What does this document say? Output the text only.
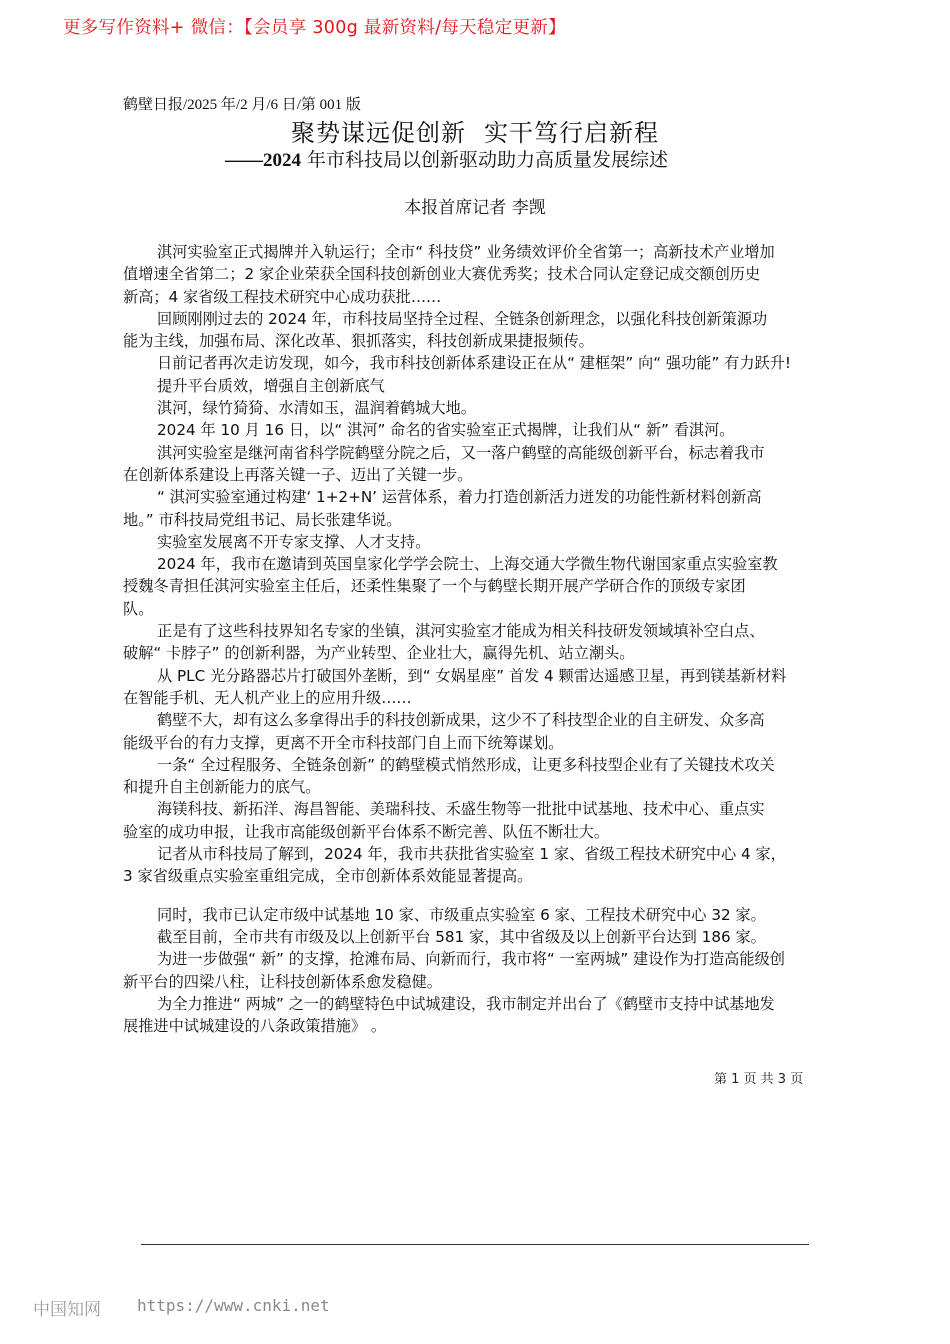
更多写作资料+ 微信：【会员享 300g 最新资料/每天稳定更新】
鹤壁日报/2025 年/2 月/6 日/第 001 版
聚势谋远促创新 实干笃行启新程
——2024 年市科技局以创新驱动助力高质量发展综述
本报首席记者 李觊
淇河实验室正式揭牌并入轨运行；全市“ 科技贷” 业务绩效评价全省第一；高新技术产业增加
值增速全省第二；2 家企业荣获全国科技创新创业大赛优秀奖；技术合同认定登记成交额创历史
新高；4 家省级工程技术研究中心成功获批……
回顾刚刚过去的 2024 年，市科技局坚持全过程、全链条创新理念，以强化科技创新策源功
能为主线，加强布局、深化改革、狠抓落实，科技创新成果捷报频传。
日前记者再次走访发现，如今，我市科技创新体系建设正在从“ 建框架” 向“ 强功能” 有力跃升!
提升平台质效，增强自主创新底气
淇河，绿竹猗猗、水清如玉，温润着鹤城大地。
2024 年 10 月 16 日，以“ 淇河” 命名的省实验室正式揭牌，让我们从“ 新” 看淇河。
淇河实验室是继河南省科学院鹤壁分院之后，又一落户鹤壁的高能级创新平台，标志着我市
在创新体系建设上再落关键一子、迈出了关键一步。
“ 淇河实验室通过构建‘ 1+2+N’ 运营体系，着力打造创新活力迸发的功能性新材料创新高
地。” 市科技局党组书记、局长张建华说。
实验室发展离不开专家支撑、人才支持。
2024 年，我市在邀请到英国皇家化学学会院士、上海交通大学微生物代谢国家重点实验室教
授魏冬青担任淇河实验室主任后，还柔性集聚了一个与鹤壁长期开展产学研合作的顶级专家团
队。
正是有了这些科技界知名专家的坐镇，淇河实验室才能成为相关科技研发领域填补空白点、
破解“ 卡脖子” 的创新利器，为产业转型、企业壮大，赢得先机、站立潮头。
从 PLC 光分路器芯片打破国外垄断，到“ 女娲星座” 首发 4 颗雷达遥感卫星，再到镁基新材料
在智能手机、无人机产业上的应用升级……
鹤壁不大，却有这么多拿得出手的科技创新成果，这少不了科技型企业的自主研发、众多高
能级平台的有力支撑，更离不开全市科技部门自上而下统筹谋划。
一条“ 全过程服务、全链条创新” 的鹤壁模式悄然形成，让更多科技型企业有了关键技术攻关
和提升自主创新能力的底气。
海镁科技、新拓洋、海昌智能、美瑞科技、禾盛生物等一批批中试基地、技术中心、重点实
验室的成功申报，让我市高能级创新平台体系不断完善、队伍不断壮大。
记者从市科技局了解到，2024 年，我市共获批省实验室 1 家、省级工程技术研究中心 4 家，
3 家省级重点实验室重组完成，全市创新体系效能显著提高。
同时，我市已认定市级中试基地 10 家、市级重点实验室 6 家、工程技术研究中心 32 家。
截至目前，全市共有市级及以上创新平台 581 家，其中省级及以上创新平台达到 186 家。
为进一步做强“ 新” 的支撑，抢滩布局、向新而行，我市将“ 一室两城” 建设作为打造高能级创
新平台的四梁八柱，让科技创新体系愈发稳健。
为全力推进“ 两城” 之一的鹤壁特色中试城建设，我市制定并出台了《鹤壁市支持中试基地发
展推进中试城建设的八条政策措施》 。
第 1 页 共 3 页
中国知网 https://www.cnki.net
